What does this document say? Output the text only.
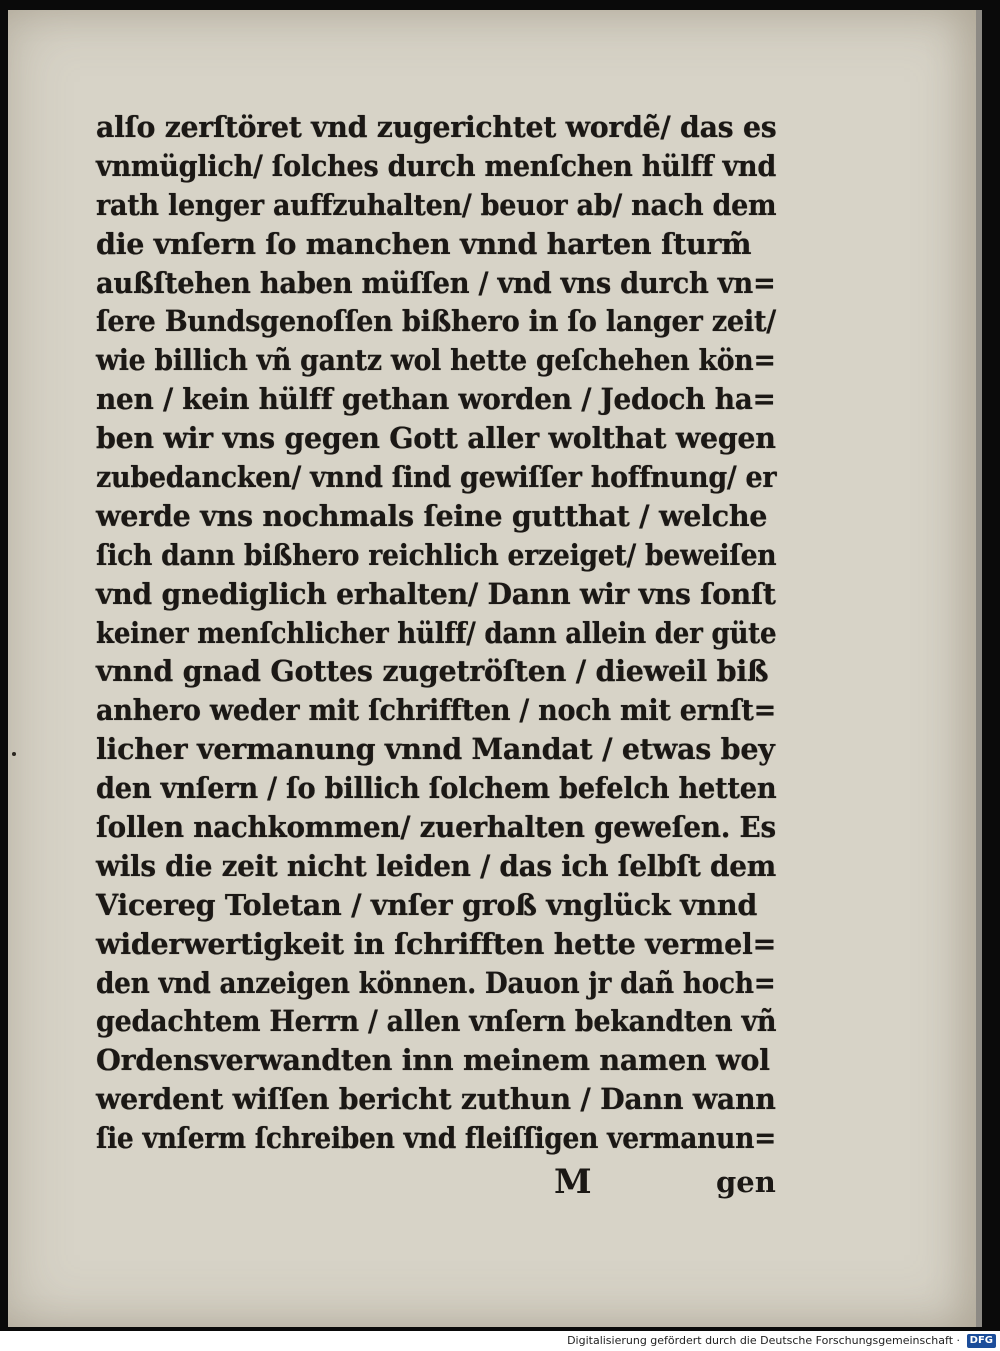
alſo zerſtöret vnd zugerichtet wordẽ/ das es
vnmüglich/ ſolches durch menſchen hülff vnd
rath lenger auffzuhalten/ beuor ab/ nach dem
die vnſern ſo manchen vnnd harten ſturm̃
außſtehen haben müſſen / vnd vns durch vn=
ſere Bundsgenoſſen bißhero in ſo langer zeit/
wie billich vñ gantz wol hette geſchehen kön=
nen / kein hülff gethan worden / Jedoch ha=
ben wir vns gegen Gott aller wolthat wegen
zubedancken/ vnnd ſind gewiſſer hoffnung/ er
werde vns nochmals ſeine gutthat / welche
ſich dann bißhero reichlich erzeiget/ beweiſen
vnd gnediglich erhalten/ Dann wir vns ſonſt
keiner menſchlicher hülff/ dann allein der güte
vnnd gnad Gottes zugetröſten / dieweil biß
anhero weder mit ſchrifften / noch mit ernſt=
licher vermanung vnnd Mandat / etwas bey
den vnſern / ſo billich ſolchem befelch hetten
ſollen nachkommen/ zuerhalten geweſen. Es
wils die zeit nicht leiden / das ich ſelbſt dem
Vicereg Toletan / vnſer groß vnglück vnnd
widerwertigkeit in ſchrifften hette vermel=
den vnd anzeigen können. Dauon jr dañ hoch=
gedachtem Herrn / allen vnſern bekandten vñ
Ordensverwandten inn meinem namen wol
werdent wiſſen bericht zuthun / Dann wann
ſie vnſerm ſchreiben vnd fleiſſigen vermanun=
M	gen
Digitalisierung gefördert durch die Deutsche Forschungsgemeinschaft · DFG
